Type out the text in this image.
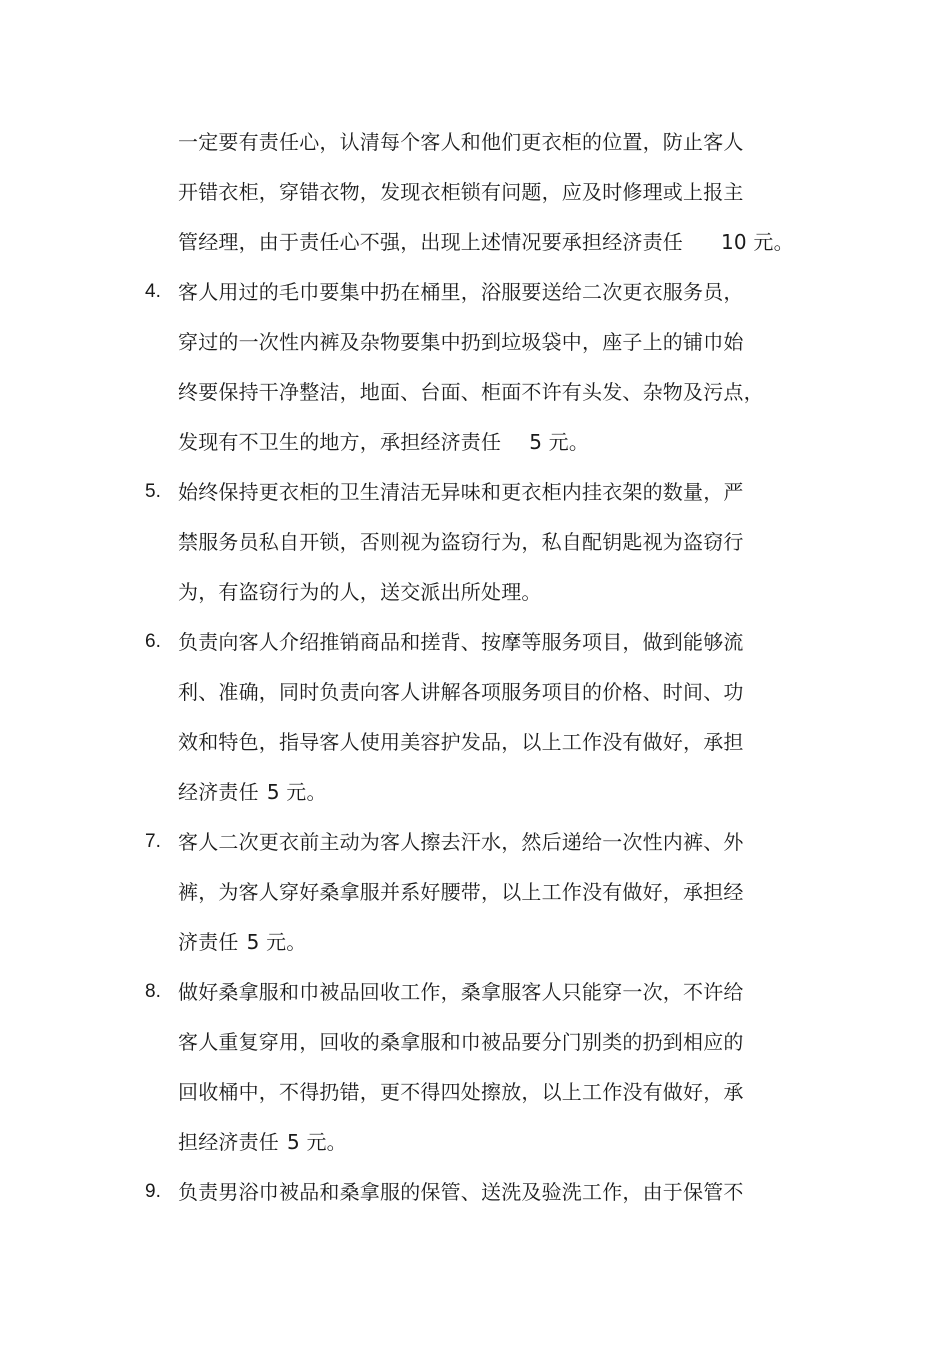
一定要有责任心，认清每个客人和他们更衣柜的位置，防止客人
开错衣柜，穿错衣物，发现衣柜锁有问题，应及时修理或上报主
管经理，由于责任心不强，出现上述情况要承担经济责任 10 元。
4. 客人用过的毛巾要集中扔在桶里，浴服要送给二次更衣服务员，
穿过的一次性内裤及杂物要集中扔到垃圾袋中，座子上的铺巾始
终要保持干净整洁，地面、台面、柜面不许有头发、杂物及污点，
发现有不卫生的地方，承担经济责任 5 元。
5. 始终保持更衣柜的卫生清洁无异味和更衣柜内挂衣架的数量，严
禁服务员私自开锁，否则视为盗窃行为，私自配钥匙视为盗窃行
为，有盗窃行为的人，送交派出所处理。
6. 负责向客人介绍推销商品和搓背、按摩等服务项目，做到能够流
利、准确，同时负责向客人讲解各项服务项目的价格、时间、功
效和特色，指导客人使用美容护发品，以上工作没有做好，承担
经济责任 5 元。
7. 客人二次更衣前主动为客人擦去汗水，然后递给一次性内裤、外
裤，为客人穿好桑拿服并系好腰带，以上工作没有做好，承担经
济责任 5 元。
8. 做好桑拿服和巾被品回收工作，桑拿服客人只能穿一次，不许给
客人重复穿用，回收的桑拿服和巾被品要分门别类的扔到相应的
回收桶中，不得扔错，更不得四处擦放，以上工作没有做好，承
担经济责任 5 元。
9. 负责男浴巾被品和桑拿服的保管、送洗及验洗工作，由于保管不
